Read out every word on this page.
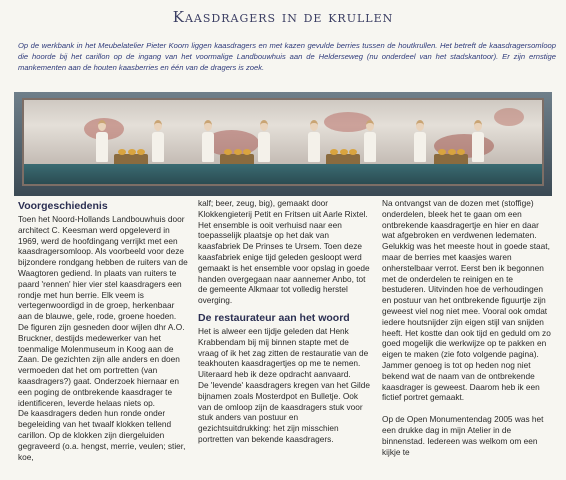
Kaasdragers in de krullen
Op de werkbank in het Meubelatelier Pieter Koorn liggen kaasdragers en met kazen gevulde berries tussen de houtkrullen. Het betreft de kaasdragersomloop die hoorde bij het carillon op de ingang van het voormalige Landbouwhuis aan de Helderseweg (nu onderdeel van het stadskantoor). Er zijn ernstige mankementen aan de houten kaasberries en één van de dragers is zoek.
Voorgeschiedenis

Toen het Noord-Hollands Landbouwhuis door architect C. Keesman werd opgeleverd in 1969, werd de hoofdingang verrijkt met een kaasdragersomloop. Als voorbeeld voor deze bijzondere rondgang hebben de ruiters van de Waagtoren gediend. In plaats van ruiters te paard 'rennen' hier vier stel kaasdragers een rondje met hun berrie. Elk veem is vertegenwoordigd in de groep, herkenbaar aan de blauwe, gele, rode, groene hoeden. De figuren zijn gesneden door wijlen dhr A.O. Bruckner, destijds medewerker van het toenmalige Molenmuseum in Koog aan de Zaan. De gezichten zijn alle anders en doen vermoeden dat het om portretten (van kaasdragers?) gaat. Onderzoek hiernaar en een poging de ontbrekende kaasdrager te identificeren, leverde helaas niets op.

De kaasdragers deden hun ronde onder begeleiding van het twaalf klokken tellend carillon. Op de klokken zijn diergeluiden gegraveerd (o.a. hengst, merrie, veulen; stier, koe,

kalf; beer, zeug, big), gemaakt door Klokkengieterij Petit en Fritsen uit Aarle Rixtel. Het ensemble is ooit verhuisd naar een toepasselijk plaatsje op het dak van kaasfabriek De Prinses te Ursem. Toen deze kaasfabriek enige tijd geleden gesloopt werd gemaakt is het ensemble voor opslag in goede handen overgegaan naar aannemer Anbo, tot de gemeente Alkmaar tot volledig herstel overging.

De restaurateur aan het woord

Het is alweer een tijdje geleden dat Henk Krabbendam bij mij binnen stapte met de vraag of ik het zag zitten de restauratie van de teakhouten kaasdragertjes op me te nemen. Uiteraard heb ik deze opdracht aanvaard.

De 'levende' kaasdragers kregen van het Gilde bijnamen zoals Mosterdpot en Bulletje. Ook van de omloop zijn de kaasdragers stuk voor stuk anders van postuur en gezichtsuitdrukking: het zijn misschien portretten van bekende kaasdragers.

Na ontvangst van de dozen met (stoffige) onderdelen, bleek het te gaan om een ontbrekende kaasdragertje en hier en daar wat afgebroken en verdwenen ledematen. Gelukkig was het meeste hout in goede staat, maar de berries met kaasjes waren onherstelbaar verrot. Eerst ben ik begonnen met de onderdelen te reinigen en te bestuderen. Uitvinden hoe de verhoudingen en postuur van het ontbrekende figuurtje zijn geweest viel nog niet mee. Vooral ook omdat iedere houtsnijder zijn eigen stijl van snijden heeft. Het kostte dan ook tijd en geduld om zo goed mogelijk die werkwijze op te pakken en eigen te maken (zie foto volgende pagina). Jammer genoeg is tot op heden nog niet bekend wat de naam van de ontbrekende kaasdrager is geweest. Daarom heb ik een fictief portret gemaakt.

Op de Open Monumentendag 2005 was het een drukke dag in mijn Atelier in de binnenstad. Iedereen was welkom om een kijkje te
